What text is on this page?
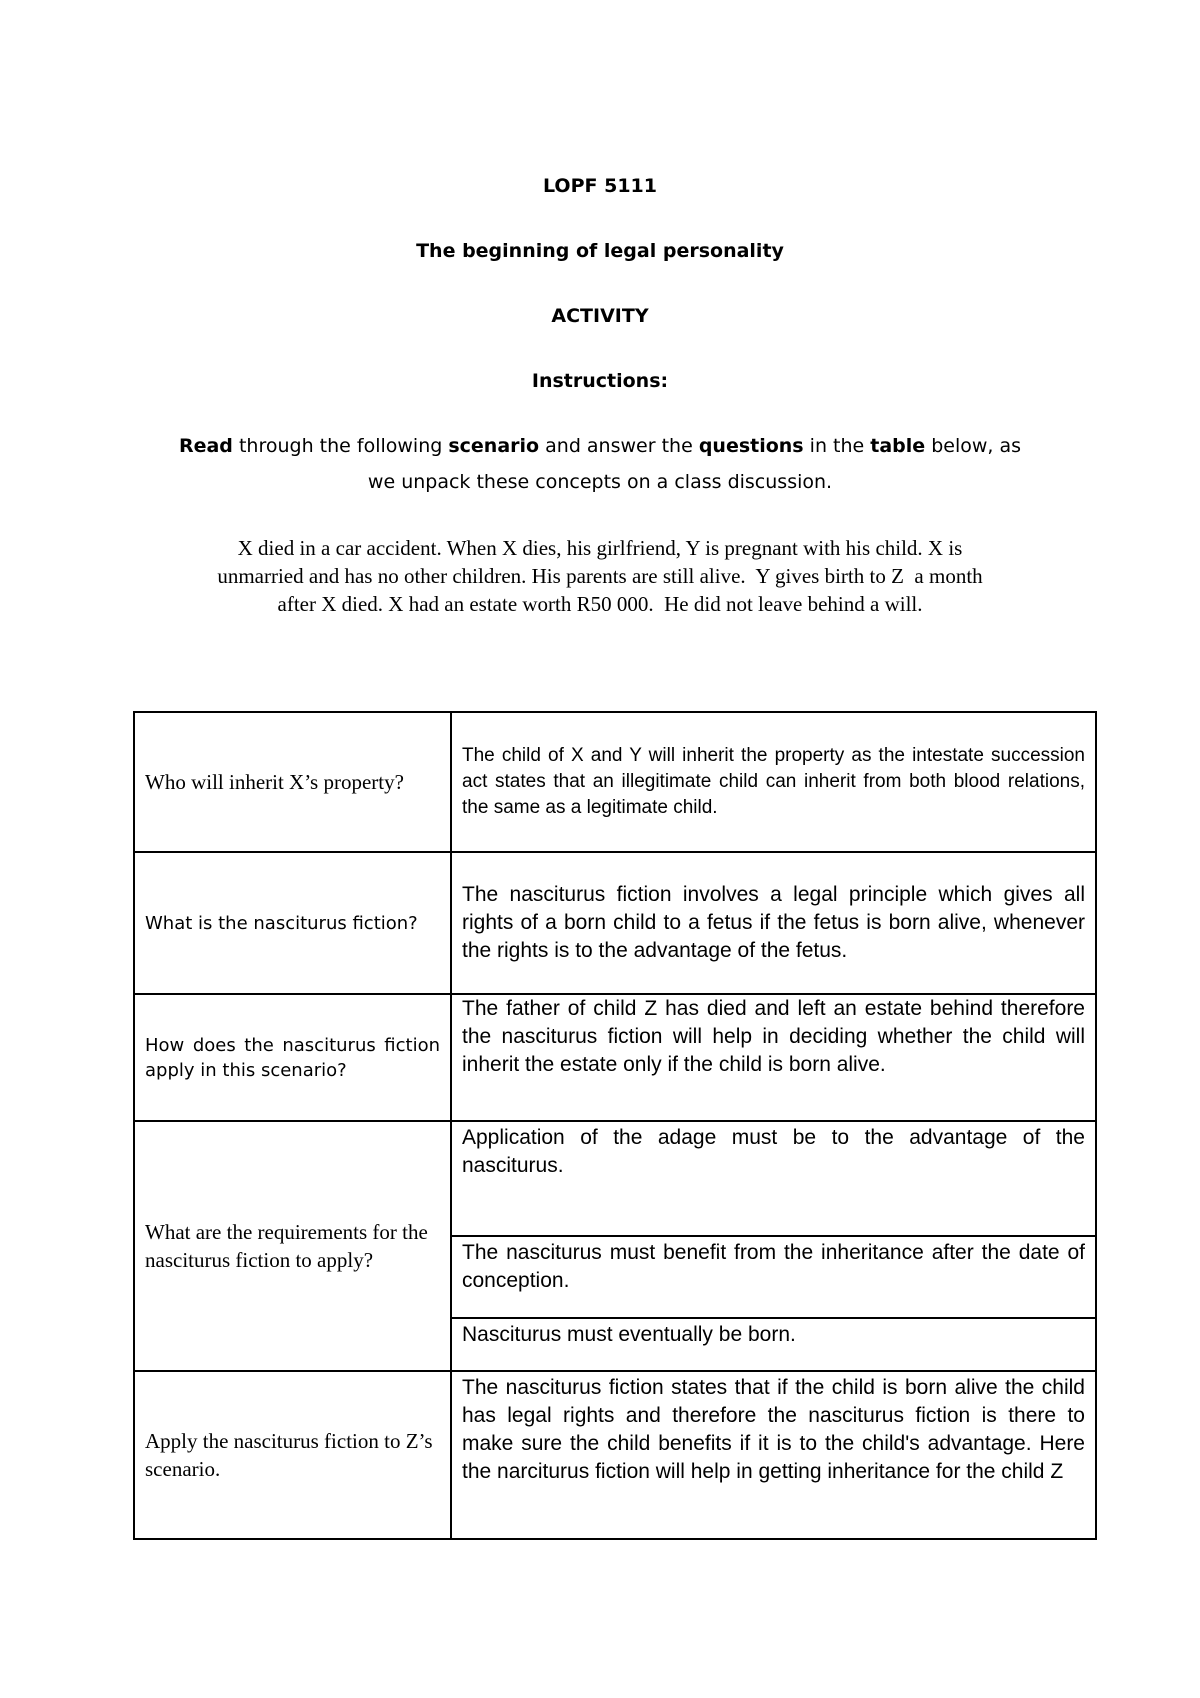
LOPF 5111
The beginning of legal personality
ACTIVITY
Instructions:
Read through the following scenario and answer the questions in the table below, as
we unpack these concepts on a class discussion.
X died in a car accident. When X dies, his girlfriend, Y is pregnant with his child. X is
unmarried and has no other children. His parents are still alive.  Y gives birth to Z  a month
after X died. X had an estate worth R50 000.  He did not leave behind a will.
Who will inherit X’s property?	The child of X and Y will inherit the property as the intestate succession act states that an illegitimate child can inherit from both blood relations, the same as a legitimate child.
What is the nasciturus fiction?	The nasciturus fiction involves a legal principle which gives all rights of a born child to a fetus if the fetus is born alive, whenever the rights is to the advantage of the fetus.
How does the nasciturus fiction apply in this scenario?	The father of child Z has died and left an estate behind therefore the nasciturus fiction will help in deciding whether the child will inherit the estate only if the child is born alive.
What are the requirements for the nasciturus fiction to apply?	Application of the adage must be to the advantage of the nasciturus.
	The nasciturus must benefit from the inheritance after the date of conception.
	Nasciturus must eventually be born.
Apply the nasciturus fiction to Z’s scenario.	The nasciturus fiction states that if the child is born alive the child has legal rights and therefore the nasciturus fiction is there to make sure the child benefits if it is to the child's advantage. Here the narciturus fiction will help in getting inheritance for the child Z
